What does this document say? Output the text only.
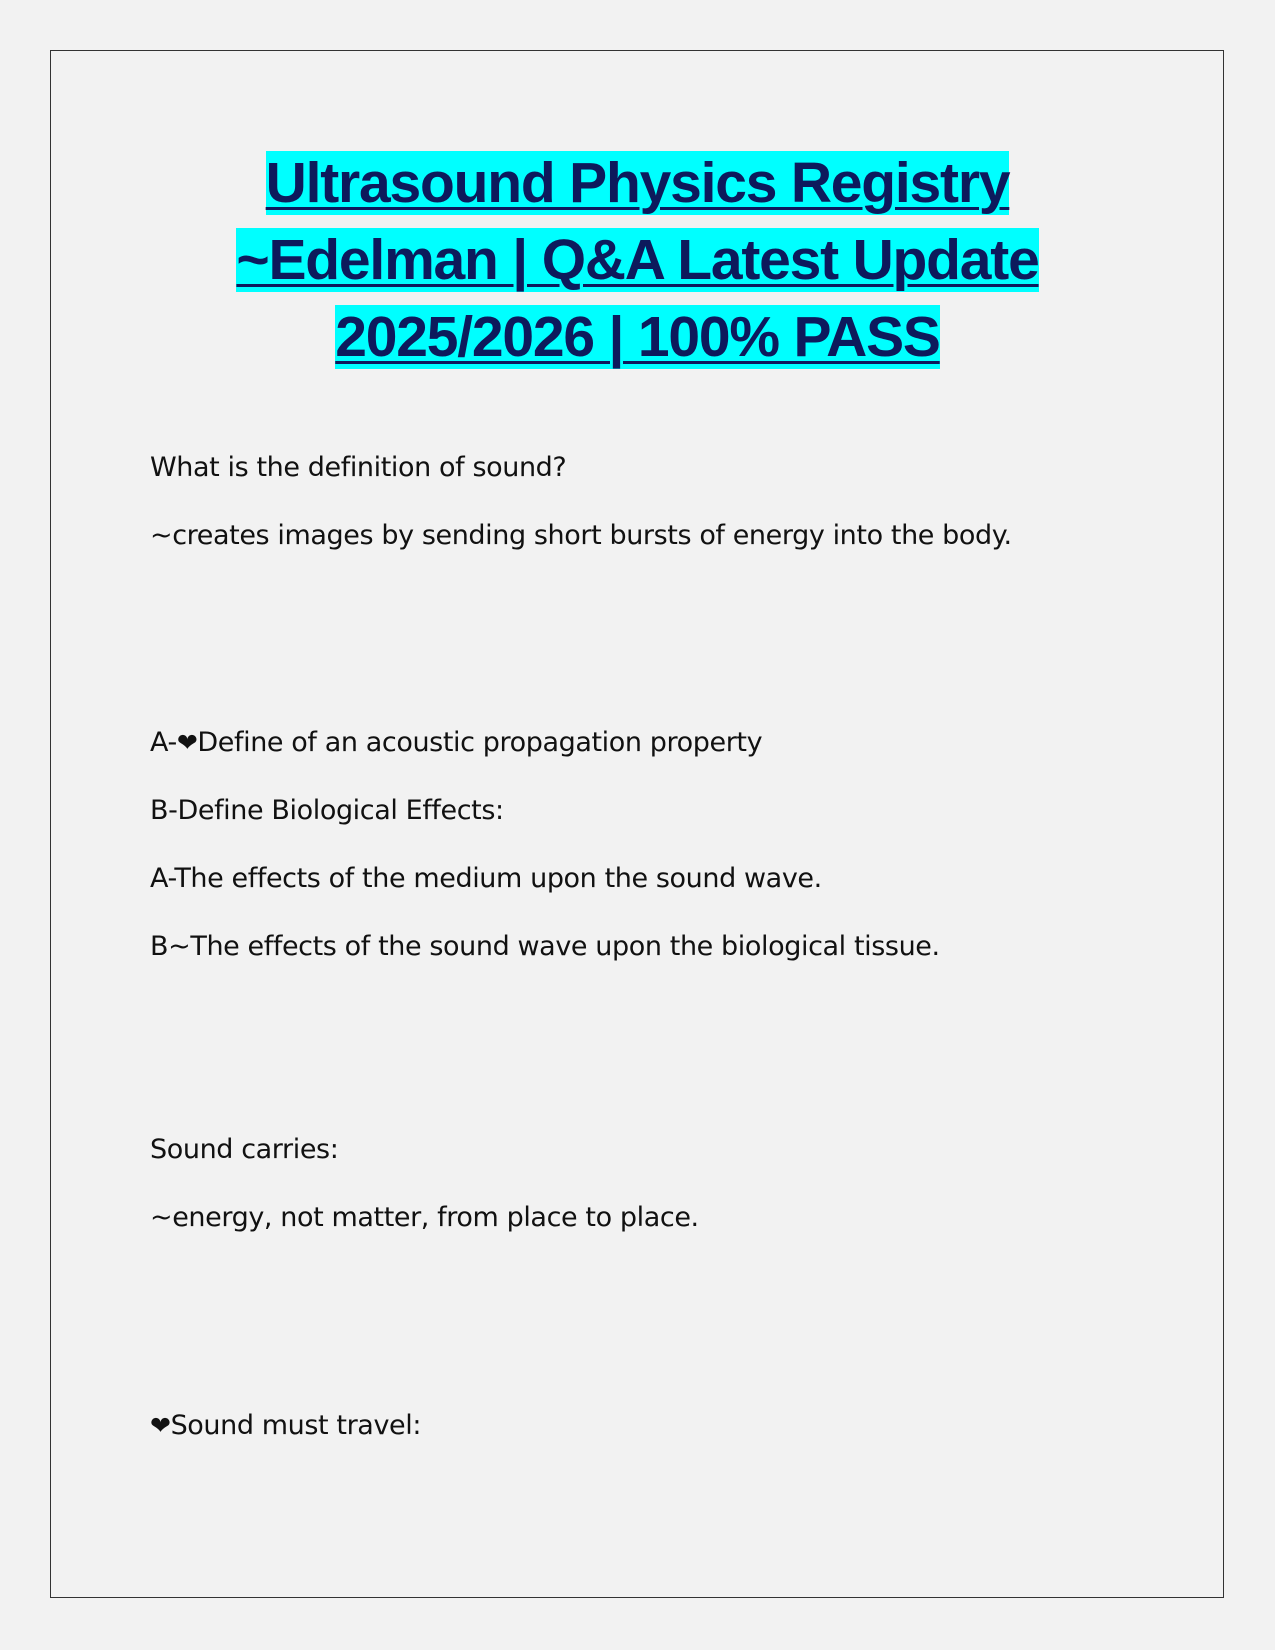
Ultrasound Physics Registry
~Edelman | Q&A Latest Update
2025/2026 | 100% PASS

What is the definition of sound?

~creates images by sending short bursts of energy into the body.

A-❤Define of an acoustic propagation property

B-Define Biological Effects:

A-The effects of the medium upon the sound wave.

B~The effects of the sound wave upon the biological tissue.

Sound carries:

~energy, not matter, from place to place.

❤Sound must travel:
